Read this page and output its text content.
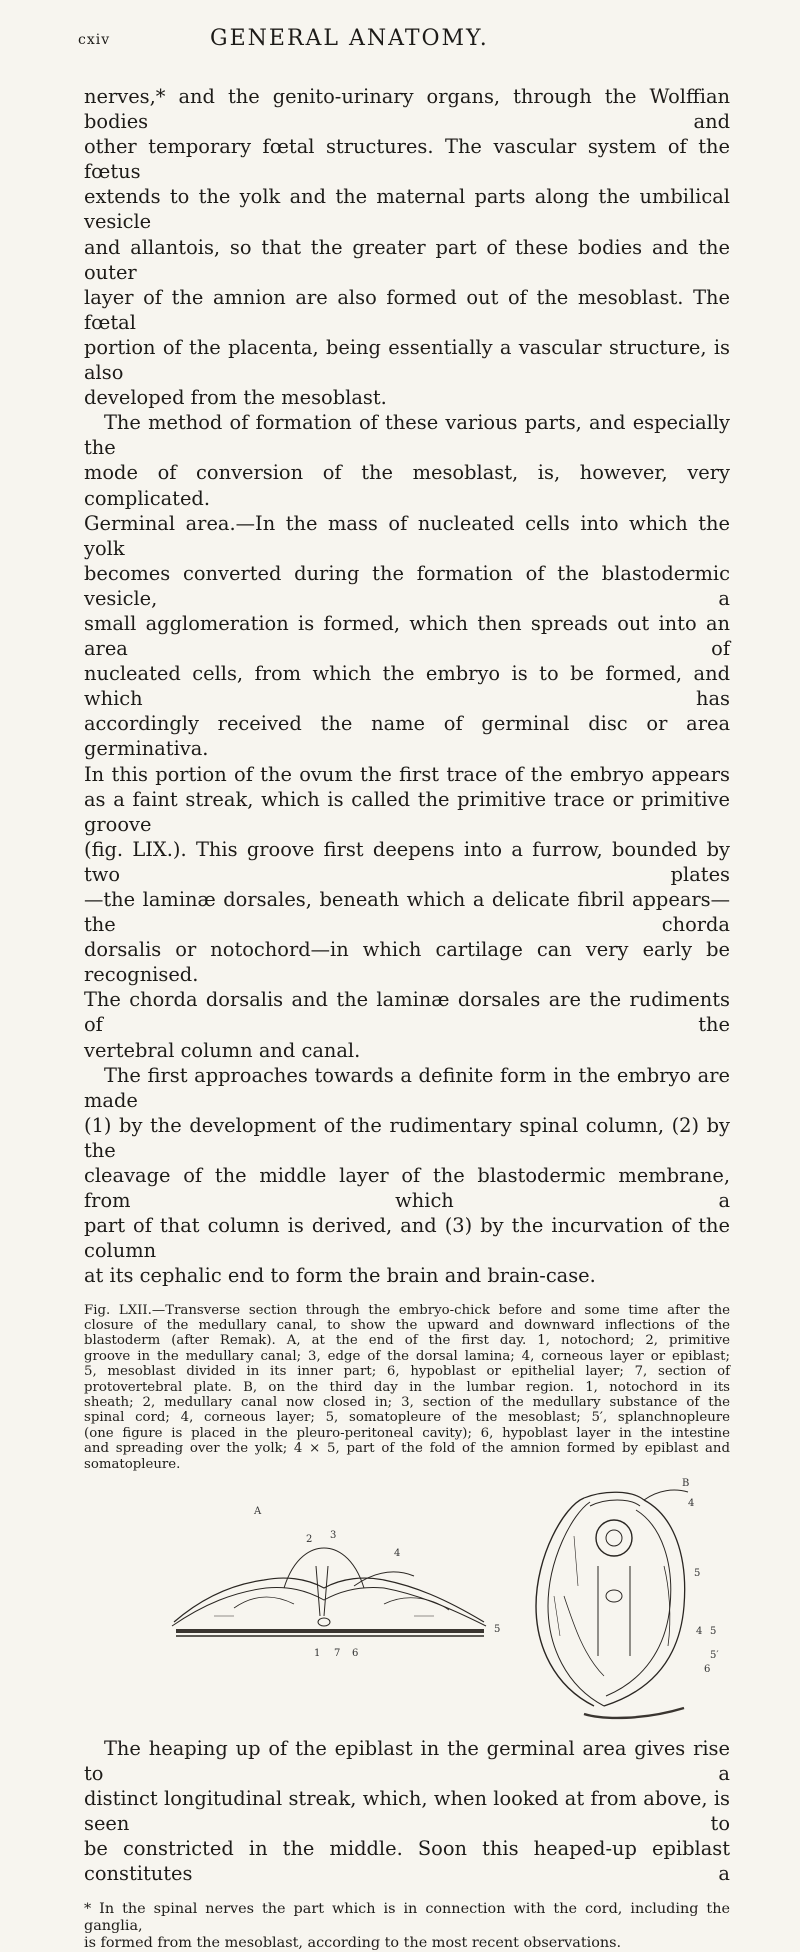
cxiv	GENERAL ANATOMY.

nerves,* and the genito-urinary organs, through the Wolffian bodies and

other temporary fœtal structures. The vascular system of the fœtus

extends to the yolk and the maternal parts along the umbilical vesicle

and allantois, so that the greater part of these bodies and the outer

layer of the amnion are also formed out of the mesoblast. The fœtal

portion of the placenta, being essentially a vascular structure, is also

developed from the mesoblast.

The method of formation of these various parts, and especially the

mode of conversion of the mesoblast, is, however, very complicated.

Germinal area.—In the mass of nucleated cells into which the yolk

becomes converted during the formation of the blastodermic vesicle, a

small agglomeration is formed, which then spreads out into an area of

nucleated cells, from which the embryo is to be formed, and which has

accordingly received the name of germinal disc or area germinativa.

In this portion of the ovum the first trace of the embryo appears

as a faint streak, which is called the primitive trace or primitive groove

(fig. LIX.). This groove first deepens into a furrow, bounded by two plates

—the laminæ dorsales, beneath which a delicate fibril appears—the chorda

dorsalis or notochord—in which cartilage can very early be recognised.

The chorda dorsalis and the laminæ dorsales are the rudiments of the

vertebral column and canal.

The first approaches towards a definite form in the embryo are made

(1) by the development of the rudimentary spinal column, (2) by the

cleavage of the middle layer of the blastodermic membrane, from which a

part of that column is derived, and (3) by the incurvation of the column

at its cephalic end to form the brain and brain-case.

Fig. LXII.—Transverse section through the embryo-chick before and some time after the

closure of the medullary canal, to show the upward and downward inflections of the

blastoderm (after Remak). A, at the end of the first day. 1, notochord; 2, primitive

groove in the medullary canal; 3, edge of the dorsal lamina; 4, corneous layer or epiblast;

5, mesoblast divided in its inner part; 6, hypoblast or epithelial layer; 7, section of

protovertebral plate. B, on the third day in the lumbar region. 1, notochord in its

sheath; 2, medullary canal now closed in; 3, section of the medullary substance of the

spinal cord; 4, corneous layer; 5, somatopleure of the mesoblast; 5′, splanchnopleure

(one figure is placed in the pleuro-peritoneal cavity); 6, hypoblast layer in the intestine

and spreading over the yolk; 4 × 5, part of the fold of the amnion formed by epiblast and

somatopleure.

A
2 3
4
5
1 7 6
B
4
5
4 5
5′
6

The heaping up of the epiblast in the germinal area gives rise to a

distinct longitudinal streak, which, when looked at from above, is seen to

be constricted in the middle. Soon this heaped-up epiblast constitutes a

* In the spinal nerves the part which is in connection with the cord, including the ganglia,

is formed from the mesoblast, according to the most recent observations.
